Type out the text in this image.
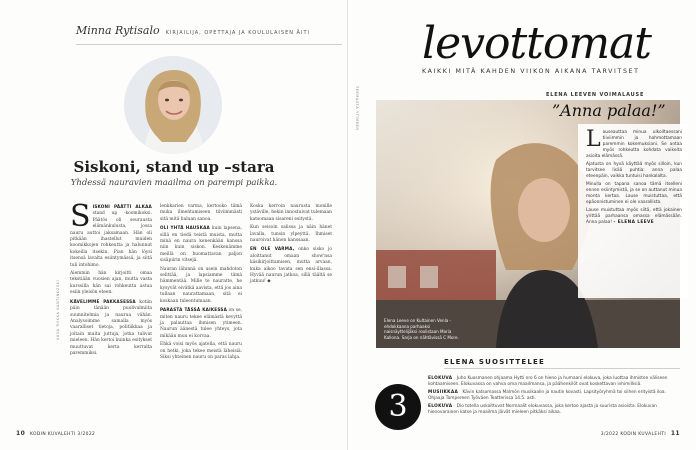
Minna Rytisalo KIRJAILIJA, OPETTAJA JA KOULULAISEN ÄITI
Siskoni, stand up –stara
Yhdessä nauravien maailma on parempi paikka.

S ISKONI PÄÄTTI ALKAA stand up -koomikoksi. Päätös oli seurausta elämänkulusta, jossa nauru auttoi jaksamaan. Hän oli pitkään ihastellut muiden koomikkojen rohkeutta ja halunnut kokeilla itsekin. Pian hän löysi itsensä lavalta esiintymässä, ja siitä tuli intohimo.

Aiemmin hän kirjoitti omaa tekstiään vuosien ajan, mutta vasta kurssilla hän sai rohkeutta astua esiin yleisön eteen.

KÄVELIMME PAKKASESSA kotiin päin tänään puolivalmiita suunnitelmia ja naurua vähän. Analysoimme samalla myös vaaralliset tietoja, politiikkaa ja joitain muita juttuja, jotka tulivat mieleen. Hän kertoi kuinka esitykset muuttuvat kerta kerralta paremmiksi.

lenkkarien varma, kertooko tämä muka ilmentamiseen tiiviimmästi sitä mitä haluan sanoa.

OLI YHTÄ HAUSKAA kuin lapsena, sillä en tiedä teistä muista, mutta minä en naura kenenkään kanssa niin kuin siskon. Keskenämme meillä on huomattavan paljon sisäpiirin vitsejä.

Nauran lähinnä on usein mahdoton selittää, ja lapsiamme tämä hämmentää. Mille te nauratte, he kysyvät eivätkä aavista, että jos aina tullaan naurattamaan, sitä ei koskaan tuleentumaan.

PARASTA TÄSSÄ KAIKESSA on se, miten nauru tekee elämästä kevyttä ja palauttaa ihmisen ytimeen. Naurun äänestä tulee yhteys, jota mikään muu ei korvaa.

Ehkä voisi myös ajatella, että nauru on hetki, joka tekee meistä läheisiä. Siksi yhteinen nauru on paras lahja.

Koska kerroin naurusta monille ystäville, hekin innostuivat tulemaan katsomaan sisareni esitystä.

Kun seisoin salissa ja näin hänet lavalla, tunsin ylpeyttä. Ihmiset nauroivat hänen kanssaan.

EN OLE VARMA, onko sisko jo aloittanut omaan show'nsa käsikirjoittamisen, mutta arvaan, kuka aikoo tavata sen ensi-illassa. Hyvää naurun jatkoa, sillä täältä se jatkuu! ◆

KUVA RIIKKA KANTINKOSKI
10 KODIN KUVALEHTI 3/2022
levottomat
KAIKKI MITÄ KAHDEN VIIKON AIKANA TARVITSET
TEEMASTA YTIMEEN	ELENA LEEVEN VOIMALAUSE
”Anna palaa!”

L auseauttaa minua ulkoiltaessani tiiviimmin ja hahmottamaan paremmin kokemuksiani. Se antaa myös rohkeutta kohdata vaikeita asioita elämässä.

Ajatusta on hyvä käyttää myös silloin, kun tarvitsee lisää puhtia: anna palaa eteenpäin, vaikka tuntuisi hankalalta.

Minulla on tapana sanoa tämä itselleni ennen esiintymistä, ja se on auttanut minua monta kertaa. Lause muistuttaa, että epäonnistuminen ei ole vaarallista.

Lause muistuttaa myös siitä, että jokainen yrittää parhaansa omassa elämässään. Anna palaa! – ELENA LEEVE

Elena Leeve on Kultainen Venla -ehdokkaana parhaaksi naisnäyttelijäksi roolistaan Maria Kallonа. Sarja on nähtävissä C More.
ELENA SUOSITTELEE
3

ELOKUVA Juho Kuosmanen ohjaama Hytti nro 6 on hieno ja humaani elokuva, joka luottaa ihmisten väliseen kohtaamiseen. Elokuvassa on vahva oma maailmansa, ja päähenkilöt ovat koskettavan inhimillisiä.

MUSIIKKAA Kävin katsomassa Malmön musikaalin ja nautin kovasti. Lapsityöryhmä toi siihen erityistä iloa. Ohjaaja Tampereen Työväen Teatterissa 14.5. asti.

ELOKUVA Dio totella uskoittuvat Normaalit elokuvassa, joka kertoo ajasta ja suurista asioista. Elokuvan hienovarainen katse ja maailma jäivät mieleen pitkäksi aikaa.

3/2022 KODIN KUVALEHTI 11
